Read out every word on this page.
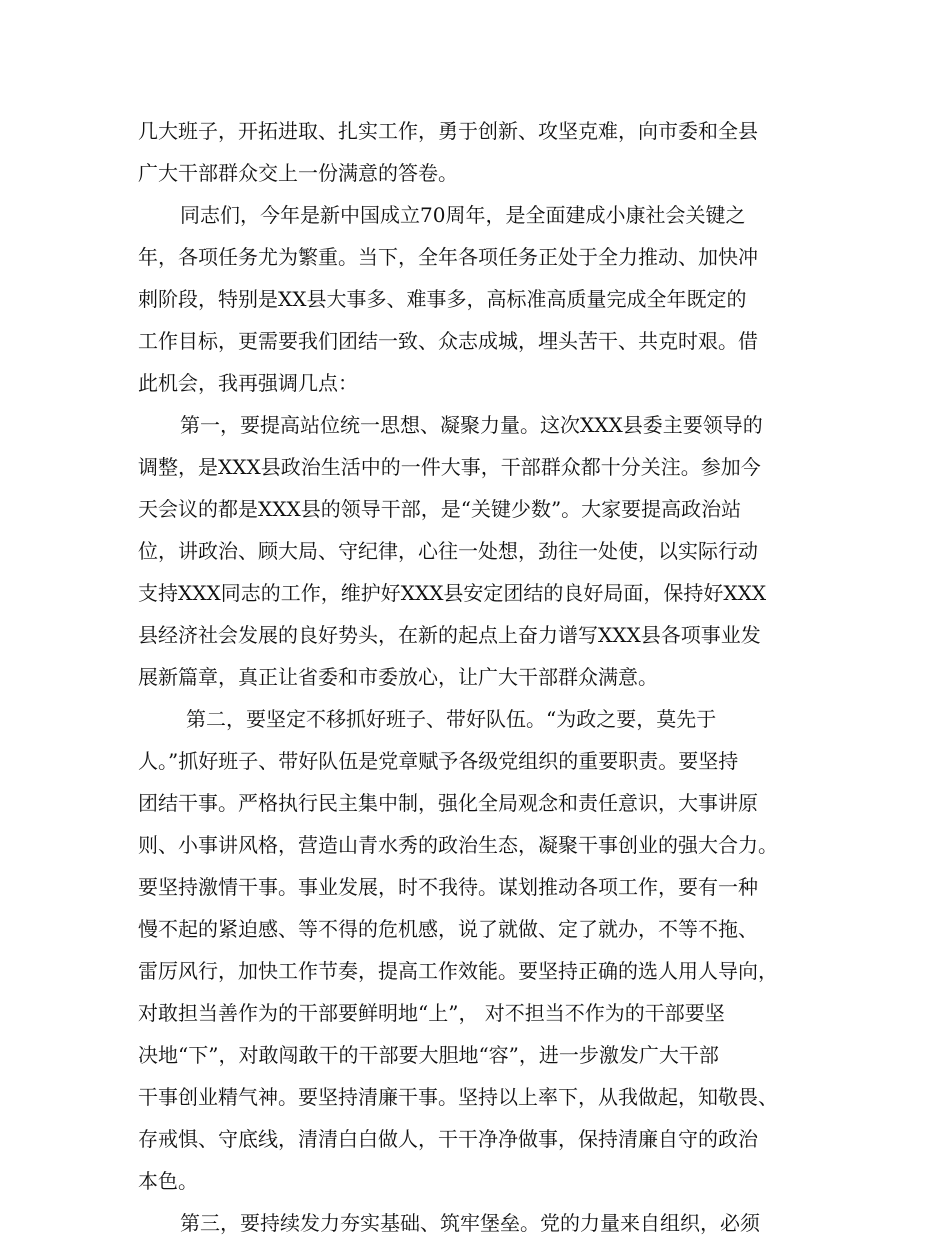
几大班子，开拓进取、扎实工作，勇于创新、攻坚克难，向市委和全县
广大干部群众交上一份满意的答卷。
同志们，今年是新中国成立70周年，是全面建成小康社会关键之
年，各项任务尤为繁重。当下，全年各项任务正处于全力推动、加快冲
刺阶段，特别是XX县大事多、难事多，高标准高质量完成全年既定的
工作目标，更需要我们团结一致、众志成城，埋头苦干、共克时艰。借
此机会，我再强调几点：
第一，要提高站位统一思想、凝聚力量。这次XXX县委主要领导的
调整，是XXX县政治生活中的一件大事，干部群众都十分关注。参加今
天会议的都是XXX县的领导干部，是“关键少数”。大家要提高政治站
位，讲政治、顾大局、守纪律，心往一处想，劲往一处使，以实际行动
支持XXX同志的工作，维护好XXX县安定团结的良好局面，保持好XXX
县经济社会发展的良好势头，在新的起点上奋力谱写XXX县各项事业发
展新篇章，真正让省委和市委放心，让广大干部群众满意。
第二，要坚定不移抓好班子、带好队伍。“为政之要，莫先于
人。”抓好班子、带好队伍是党章赋予各级党组织的重要职责。要坚持
团结干事。严格执行民主集中制，强化全局观念和责任意识，大事讲原
则、小事讲风格，营造山青水秀的政治生态，凝聚干事创业的强大合力。
要坚持激情干事。事业发展，时不我待。谋划推动各项工作，要有一种
慢不起的紧迫感、等不得的危机感，说了就做、定了就办，不等不拖、
雷厉风行，加快工作节奏，提高工作效能。要坚持正确的选人用人导向，
对敢担当善作为的干部要鲜明地“上”， 对不担当不作为的干部要坚
决地“下”，对敢闯敢干的干部要大胆地“容”，进一步激发广大干部
干事创业精气神。要坚持清廉干事。坚持以上率下，从我做起，知敬畏、
存戒惧、守底线，清清白白做人，干干净净做事，保持清廉自守的政治
本色。
第三，要持续发力夯实基础、筑牢堡垒。党的力量来自组织，必须
